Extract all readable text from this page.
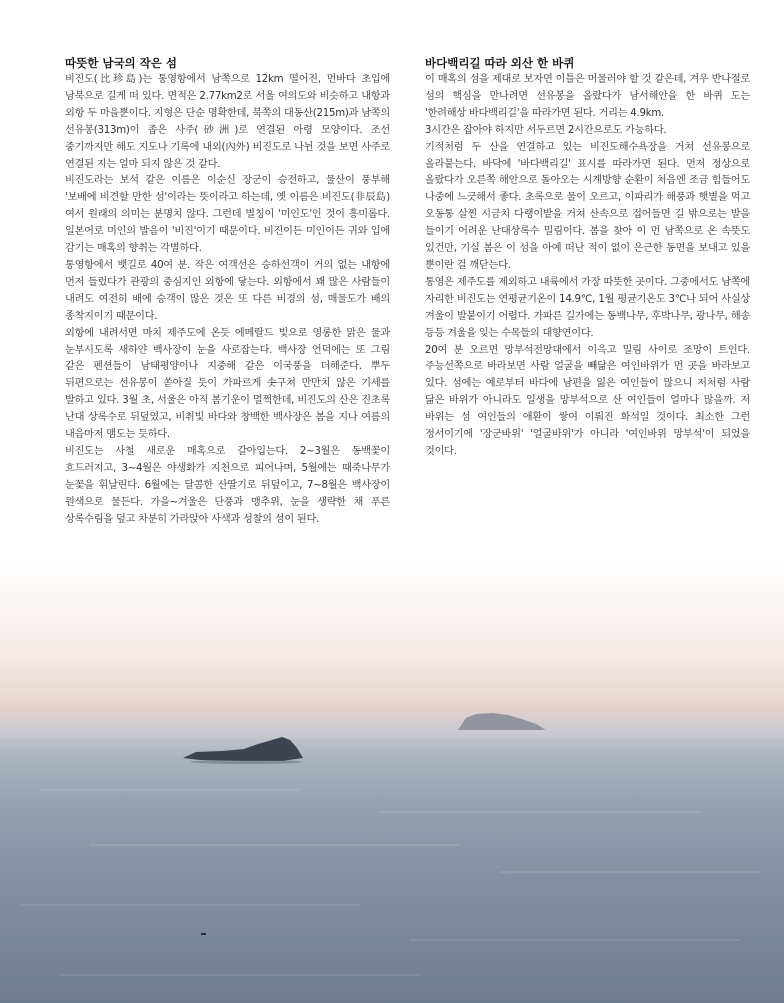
따뜻한 남국의 작은 섬

비진도(比珍島)는 통영항에서 남쪽으로 12km 떨어진, 먼바다 초입에 남북으로 길게 떠 있다. 면적은 2.77km2로 서울 여의도와 비슷하고 내항과 외항 두 마을뿐이다. 지형은 단순 명확한데, 북쪽의 대동산(215m)과 남쪽의 선유봉(313m)이 좁은 사주(砂洲)로 연결된 아령 모양이다. 조선 중기까지만 해도 지도나 기록에 내외(內外) 비진도로 나뉜 것을 보면 사주로 연결된 지는 얼마 되지 않은 것 같다.

비진도라는 보석 같은 이름은 이순신 장군이 승전하고, 물산이 풍부해 '보배에 비견할 만한 섬'이라는 뜻이라고 하는데, 옛 이름은 비진도(非辰島)여서 원래의 의미는 분명치 않다. 그런데 별칭이 '미인도'인 것이 흥미롭다. 일본어로 미인의 발음이 '비진'이기 때문이다. 비진이든 미인이든 귀와 입에 감기는 매혹의 향취는 각별하다.

통영항에서 뱃길로 40여 분. 작은 여객선은 승하선객이 거의 없는 내항에 먼저 들렀다가 관광의 중심지인 외항에 닿는다. 외항에서 꽤 많은 사람들이 내려도 여전히 배에 승객이 많은 것은 또 다른 비경의 섬, 매물도가 배의 종착지이기 때문이다.

외항에 내려서면 마치 제주도에 온듯 에메랄드 빛으로 영롱한 맑은 물과 눈부시도록 새하얀 백사장이 눈을 사로잡는다. 백사장 언덕에는 또 그림 같은 펜션들이 남태평양이나 지중해 같은 이국풍을 더해준다. 뿌두 뒤편으로는 선유봉이 쏟아질 듯이 가파르게 솟구쳐 만만치 않은 기세를 발하고 있다. 3월 초, 서울은 아직 봄기운이 멀쩍한데, 비진도의 산은 진초록 난대 상록수로 뒤덮였고, 비취빛 바다와 창백한 백사장은 봄을 지나 여름의 내음마저 맴도는 듯하다.

비진도는 사철 새로운 매혹으로 갈아입는다. 2~3월은 동백꽃이 흐드러지고, 3~4월은 야생화가 지천으로 피어나며, 5월에는 때죽나무가 눈꽃을 휘날린다. 6월에는 달콤한 산딸기로 뒤덮이고, 7~8월은 백사장이 원색으로 물든다. 가을~겨울은 단풍과 맹추위, 눈을 생략한 채 푸른 상록수림을 덮고 차분히 가라앉아 사색과 성찰의 섬이 된다.

바다백리길 따라 외산 한 바퀴

이 매혹의 섬을 제대로 보자면 이틀은 머물러야 할 것 같은데, 겨우 반나절로 섬의 핵심을 만나려면 선유봉을 올랐다가 남서해안을 한 바퀴 도는 '한려해상 바다백리길'을 따라가면 된다. 거리는 4.9km.

3시간은 잡아야 하지만 서두르면 2시간으로도 가능하다.

기적처럼 두 산을 연결하고 있는 비진도해수욕장을 거쳐 선유봉으로 올라붙는다. 바닥에 '바다백리길' 표시를 따라가면 된다. 먼저 정상으로 올랐다가 오른쪽 해안으로 돌아오는 시계방향 순환이 처음엔 조금 힘들어도 나중에 느긋해서 좋다. 초록으로 물이 오르고, 이파리가 해풍과 햇볕을 먹고 오동통 살찐 시금치 다랭이밭을 거쳐 산속으로 접어들면 길 밖으로는 발을 들이기 어려운 난대상록수 밀림이다. 봄을 찾아 이 먼 남쪽으로 온 속뜻도 있건만, 기실 봄은 이 섬을 아예 떠난 적이 없이 은근한 동면을 보내고 있을 뿐이란 걸 깨닫는다.

통영은 제주도를 제외하고 내륙에서 가장 따뜻한 곳이다. 그중에서도 남쪽에 자리한 비진도는 연평균기온이 14.9℃, 1월 평균기온도 3℃나 되어 사실상 겨울이 발붙이기 어렵다. 가파른 길가에는 동백나무, 후박나무, 광나무, 해송 등등 겨울을 잊는 수목들의 대향연이다.

20여 분 오르면 망부석전망대에서 이윽고 밀림 사이로 조망이 트인다. 주능선쪽으로 바라보면 사람 얼굴을 빼닮은 여인바위가 먼 곳을 바라보고 있다. 섬에는 예로부터 바다에 남편을 잃은 여인들이 많으니 저처럼 사람 닮은 바위가 아니라도 일생을 망부석으로 산 여인들이 얼마나 많을까. 저 바위는 섬 여인들의 애환이 쌓여 이뤄진 화석일 것이다. 최소한 그런 정서이기에 '장군바위' '얼굴바위'가 아니라 '여인바위 망부석'이 되었을 것이다.
